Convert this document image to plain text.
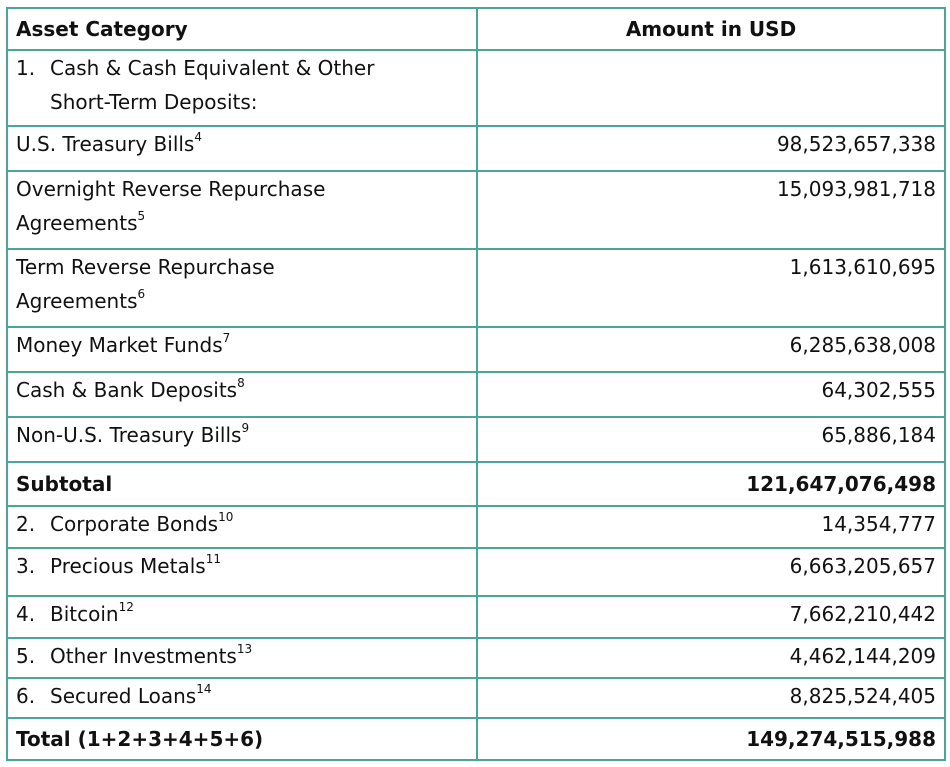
Asset Category	Amount in USD
1. Cash & Cash Equivalent & Other
Short-Term Deposits:	
U.S. Treasury Bills$^4$	98,523,657,338
Overnight Reverse Repurchase
Agreements$^5$	15,093,981,718
Term Reverse Repurchase
Agreements$^6$	1,613,610,695
Money Market Funds$^7$	6,285,638,008
Cash & Bank Deposits$^8$	64,302,555
Non-U.S. Treasury Bills$^9$	65,886,184
Subtotal	121,647,076,498
2. Corporate Bonds$^{10}$	14,354,777
3. Precious Metals$^{11}$	6,663,205,657
4. Bitcoin$^{12}$	7,662,210,442
5. Other Investments$^{13}$	4,462,144,209
6. Secured Loans$^{14}$	8,825,524,405
Total (1+2+3+4+5+6)	149,274,515,988
